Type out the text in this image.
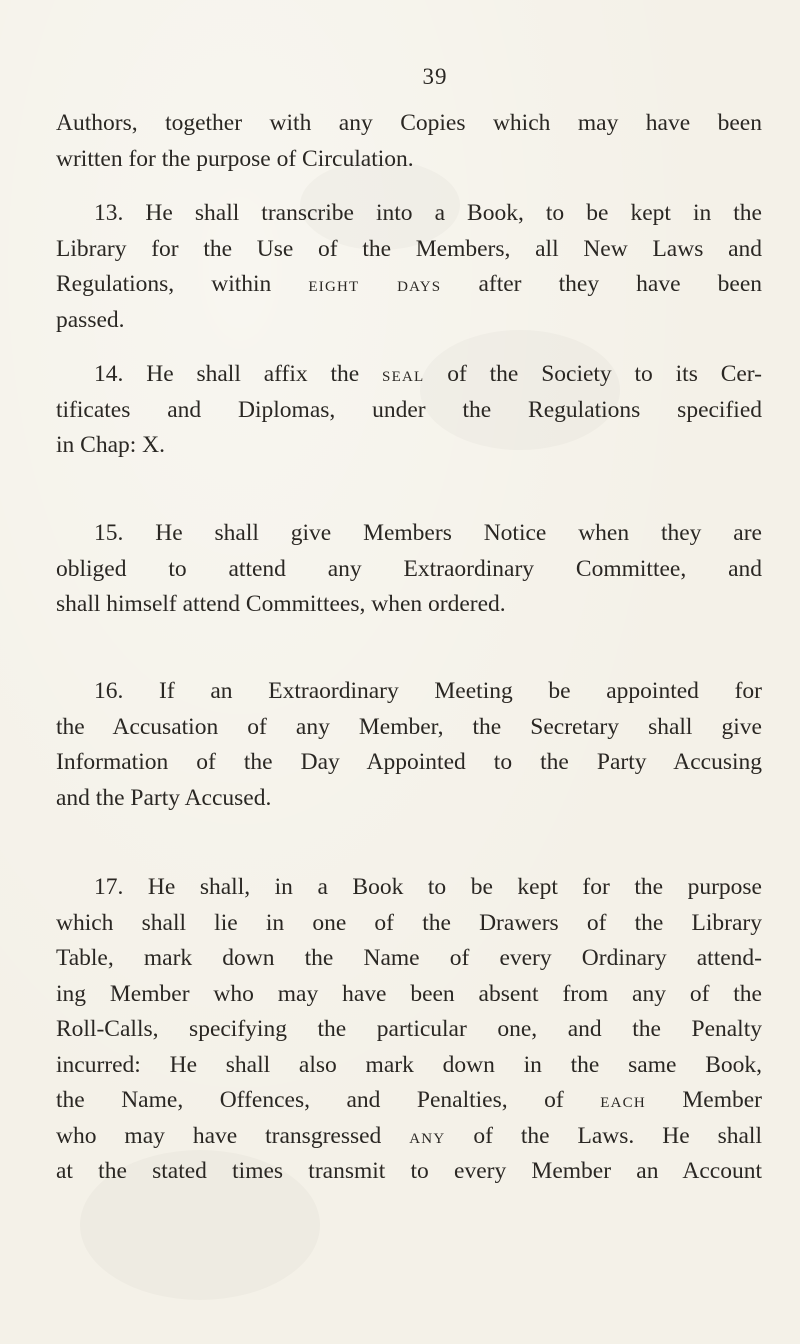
39
Authors, together with any Copies which may have been
written for the purpose of Circulation.
13. He shall transcribe into a Book, to be kept in the
Library for the Use of the Members, all New Laws and
Regulations, within eight days after they have been
passed.
14. He shall affix the seal of the Society to its Cer-
tificates and Diplomas, under the Regulations specified
in Chap: X.
15. He shall give Members Notice when they are
obliged to attend any Extraordinary Committee, and
shall himself attend Committees, when ordered.
16. If an Extraordinary Meeting be appointed for
the Accusation of any Member, the Secretary shall give
Information of the Day Appointed to the Party Accusing
and the Party Accused.
17. He shall, in a Book to be kept for the purpose
which shall lie in one of the Drawers of the Library
Table, mark down the Name of every Ordinary attend-
ing Member who may have been absent from any of the
Roll-Calls, specifying the particular one, and the Penalty
incurred: He shall also mark down in the same Book,
the Name, Offences, and Penalties, of each Member
who may have transgressed any of the Laws. He shall
at the stated times transmit to every Member an Account
